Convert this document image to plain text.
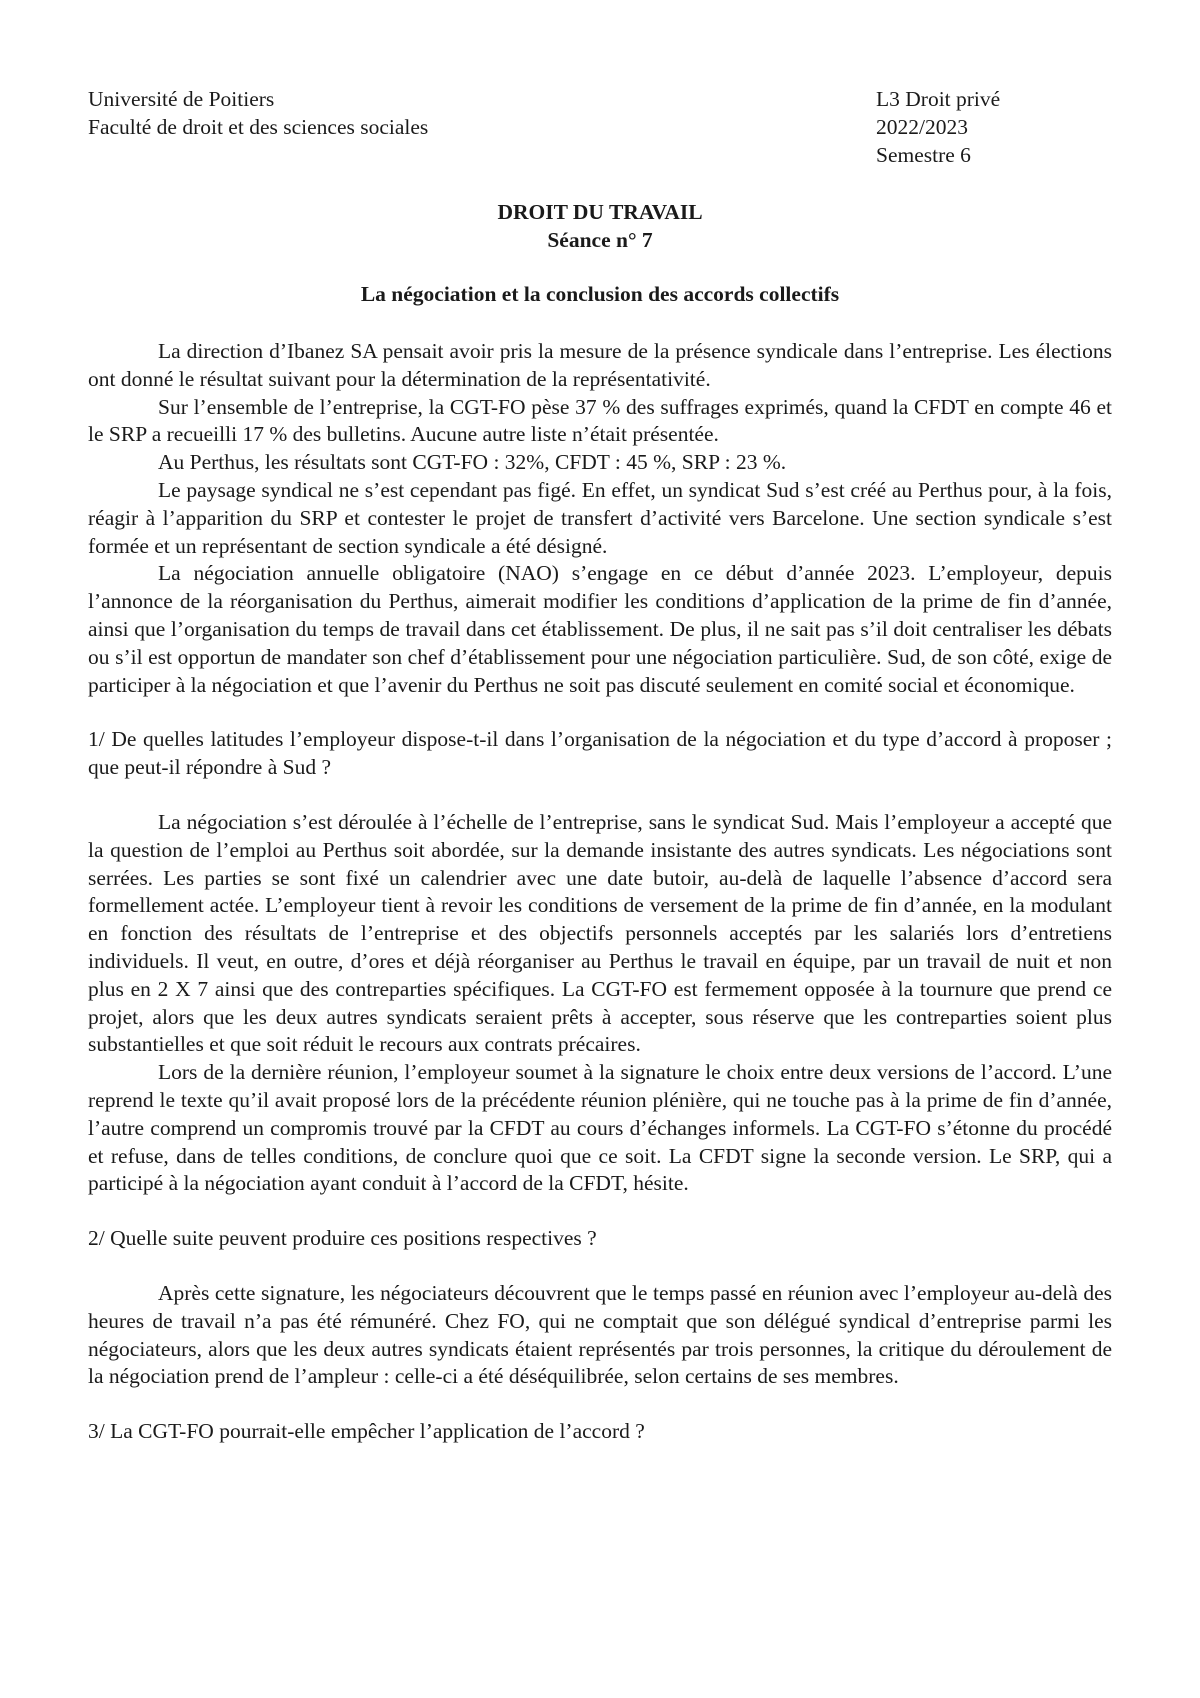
Université de Poitiers
Faculté de droit et des sciences sociales
L3 Droit privé
2022/2023
Semestre 6
DROIT DU TRAVAIL
Séance n° 7
La négociation et la conclusion des accords collectifs

La direction d’Ibanez SA pensait avoir pris la mesure de la présence syndicale dans l’entreprise. Les élections ont donné le résultat suivant pour la détermination de la représentativité.

Sur l’ensemble de l’entreprise, la CGT-FO pèse 37 % des suffrages exprimés, quand la CFDT en compte 46 et le SRP a recueilli 17 % des bulletins. Aucune autre liste n’était présentée.

Au Perthus, les résultats sont CGT-FO : 32%, CFDT : 45 %, SRP : 23 %.

Le paysage syndical ne s’est cependant pas figé. En effet, un syndicat Sud s’est créé au Perthus pour, à la fois, réagir à l’apparition du SRP et contester le projet de transfert d’activité vers Barcelone. Une section syndicale s’est formée et un représentant de section syndicale a été désigné.

La négociation annuelle obligatoire (NAO) s’engage en ce début d’année 2023. L’employeur, depuis l’annonce de la réorganisation du Perthus, aimerait modifier les conditions d’application de la prime de fin d’année, ainsi que l’organisation du temps de travail dans cet établissement. De plus, il ne sait pas s’il doit centraliser les débats ou s’il est opportun de mandater son chef d’établissement pour une négociation particulière. Sud, de son côté, exige de participer à la négociation et que l’avenir du Perthus ne soit pas discuté seulement en comité social et économique.

1/ De quelles latitudes l’employeur dispose-t-il dans l’organisation de la négociation et du type d’accord à proposer ; que peut-il répondre à Sud ?

La négociation s’est déroulée à l’échelle de l’entreprise, sans le syndicat Sud. Mais l’employeur a accepté que la question de l’emploi au Perthus soit abordée, sur la demande insistante des autres syndicats. Les négociations sont serrées. Les parties se sont fixé un calendrier avec une date butoir, au-delà de laquelle l’absence d’accord sera formellement actée. L’employeur tient à revoir les conditions de versement de la prime de fin d’année, en la modulant en fonction des résultats de l’entreprise et des objectifs personnels acceptés par les salariés lors d’entretiens individuels. Il veut, en outre, d’ores et déjà réorganiser au Perthus le travail en équipe, par un travail de nuit et non plus en 2 X 7 ainsi que des contreparties spécifiques. La CGT-FO est fermement opposée à la tournure que prend ce projet, alors que les deux autres syndicats seraient prêts à accepter, sous réserve que les contreparties soient plus substantielles et que soit réduit le recours aux contrats précaires.

Lors de la dernière réunion, l’employeur soumet à la signature le choix entre deux versions de l’accord. L’une reprend le texte qu’il avait proposé lors de la précédente réunion plénière, qui ne touche pas à la prime de fin d’année, l’autre comprend un compromis trouvé par la CFDT au cours d’échanges informels. La CGT-FO s’étonne du procédé et refuse, dans de telles conditions, de conclure quoi que ce soit. La CFDT signe la seconde version. Le SRP, qui a participé à la négociation ayant conduit à l’accord de la CFDT, hésite.

2/ Quelle suite peuvent produire ces positions respectives ?

Après cette signature, les négociateurs découvrent que le temps passé en réunion avec l’employeur au-delà des heures de travail n’a pas été rémunéré. Chez FO, qui ne comptait que son délégué syndical d’entreprise parmi les négociateurs, alors que les deux autres syndicats étaient représentés par trois personnes, la critique du déroulement de la négociation prend de l’ampleur : celle-ci a été déséquilibrée, selon certains de ses membres.

3/ La CGT-FO pourrait-elle empêcher l’application de l’accord ?
